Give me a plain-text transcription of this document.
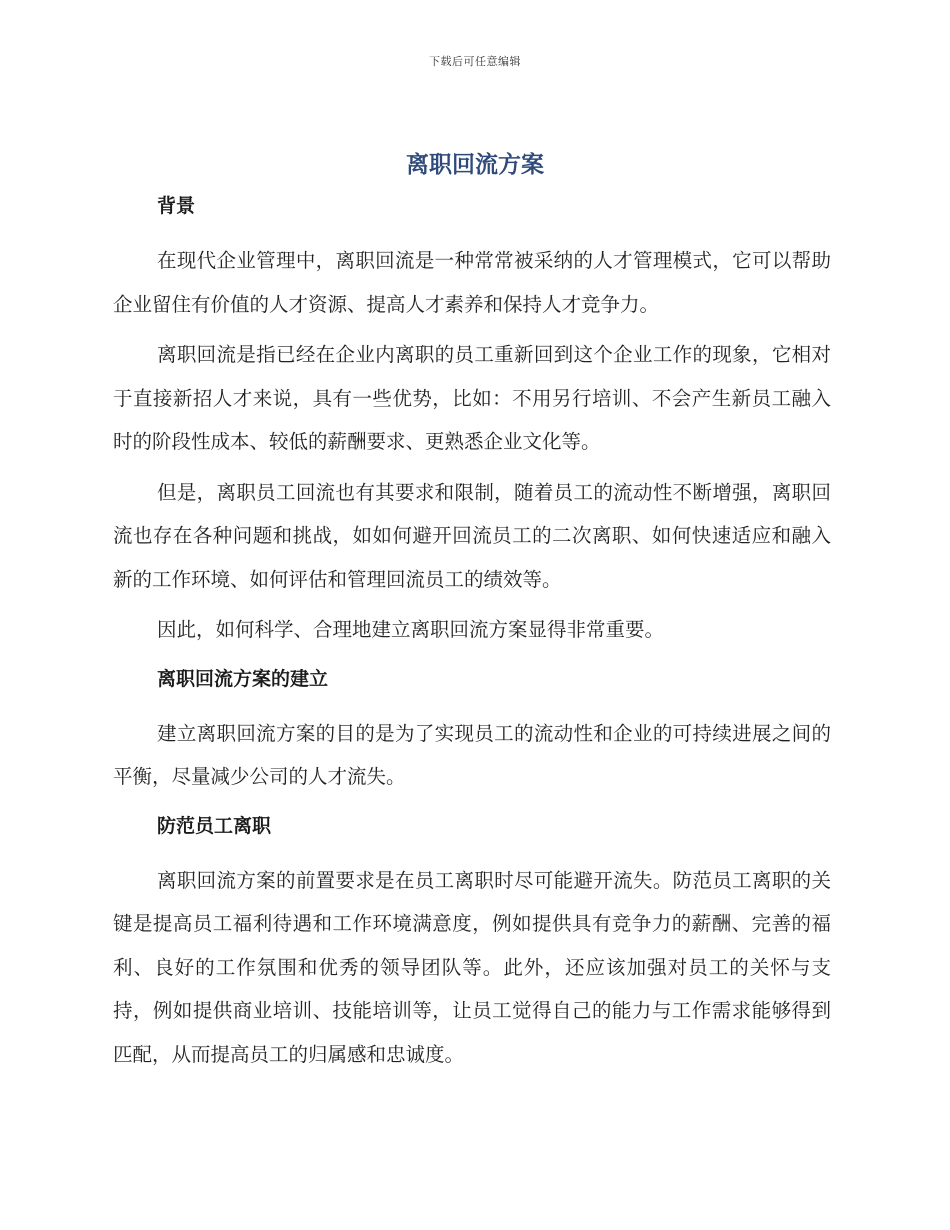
下载后可任意编辑
离职回流方案

背景

在现代企业管理中，离职回流是一种常常被采纳的人才管理模式，它可以帮助企业留住有价值的人才资源、提高人才素养和保持人才竞争力。

离职回流是指已经在企业内离职的员工重新回到这个企业工作的现象，它相对于直接新招人才来说，具有一些优势，比如：不用另行培训、不会产生新员工融入时的阶段性成本、较低的薪酬要求、更熟悉企业文化等。

但是，离职员工回流也有其要求和限制，随着员工的流动性不断增强，离职回流也存在各种问题和挑战，如如何避开回流员工的二次离职、如何快速适应和融入新的工作环境、如何评估和管理回流员工的绩效等。

因此，如何科学、合理地建立离职回流方案显得非常重要。

离职回流方案的建立

建立离职回流方案的目的是为了实现员工的流动性和企业的可持续进展之间的平衡，尽量减少公司的人才流失。

防范员工离职

离职回流方案的前置要求是在员工离职时尽可能避开流失。防范员工离职的关键是提高员工福利待遇和工作环境满意度，例如提供具有竞争力的薪酬、完善的福利、良好的工作氛围和优秀的领导团队等。此外，还应该加强对员工的关怀与支持，例如提供商业培训、技能培训等，让员工觉得自己的能力与工作需求能够得到匹配，从而提高员工的归属感和忠诚度。
